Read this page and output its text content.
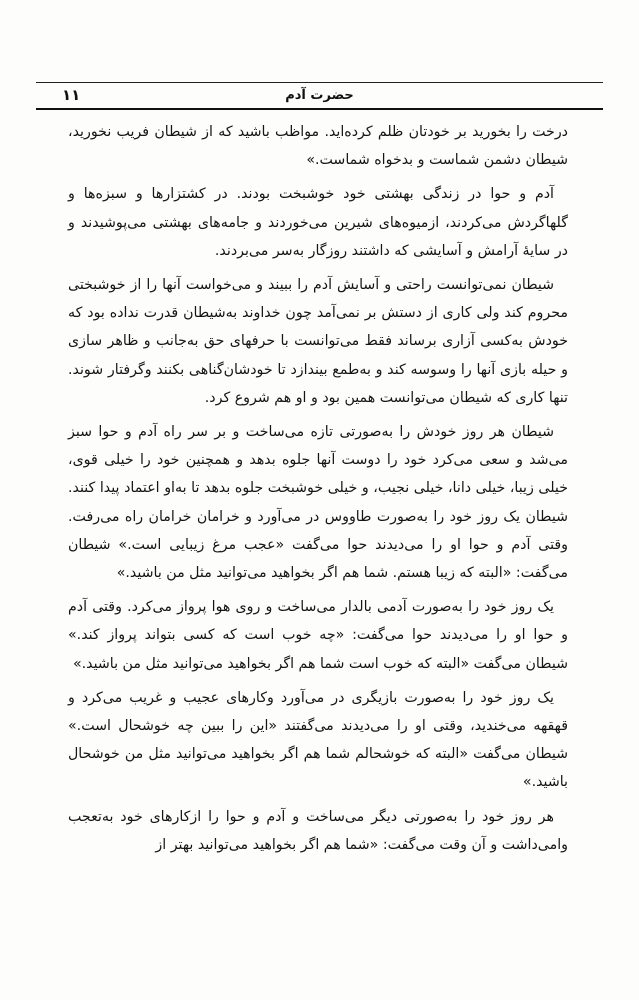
۱۱	حضرت آدم

درخت را بخورید بر خودتان ظلم کرده‌اید. مواظب باشید که از شیطان فریب نخورید، شیطان دشمن شماست و بدخواه شماست.»

آدم و حوا در زندگی بهشتی خود خوشبخت بودند. در کشتزارها و سبزه‌ها و گلهاگردش می‌کردند، ازمیوه‌های شیرین می‌خوردند و جامه‌های بهشتی می‌پوشیدند و در سایهٔ آرامش و آسایشی که داشتند روزگار به‌سر می‌بردند.

شیطان نمی‌توانست راحتی و آسایش آدم را ببیند و می‌خواست آنها را از خوشبختی محروم کند ولی کاری از دستش بر نمی‌آمد چون خداوند به‌شیطان قدرت نداده بود که خودش به‌کسی آزاری برساند فقط می‌توانست با حرفهای حق به‌جانب و ظاهر سازی و حیله بازی آنها را وسوسه کند و به‌طمع بیندازد تا خودشان‌گناهی بکنند وگرفتار شوند. تنها کاری که شیطان می‌توانست همین بود و او هم شروع کرد.

شیطان هر روز خودش را به‌صورتی تازه می‌ساخت و بر سر راه آدم و حوا سبز می‌شد و سعی می‌کرد خود را دوست آنها جلوه بدهد و همچنین خود را خیلی قوی، خیلی زیبا، خیلی دانا، خیلی نجیب، و خیلی خوشبخت جلوه بدهد تا به‌او اعتماد پیدا کنند. شیطان یک روز خود را به‌صورت طاووس در می‌آورد و خرامان خرامان راه می‌رفت. وقتی آدم و حوا او را می‌دیدند حوا می‌گفت «عجب مرغ زیبایی است.» شیطان می‌گفت: «البته که زیبا هستم. شما هم اگر بخواهید می‌توانید مثل من باشید.»

یک روز خود را به‌صورت آدمی بالدار می‌ساخت و روی هوا پرواز می‌کرد. وقتی آدم و حوا او را می‌دیدند حوا می‌گفت: «چه خوب است که کسی بتواند پرواز کند.» شیطان می‌گفت «البته که خوب است شما هم اگر بخواهید می‌توانید مثل من باشید.»

یک روز خود را به‌صورت بازیگری در می‌آورد وکارهای عجیب و غریب می‌کرد و قهقهه می‌خندید، وقتی او را می‌دیدند می‌گفتند «این را ببین چه خوشحال است.» شیطان می‌گفت «البته که خوشحالم شما هم اگر بخواهید می‌توانید مثل من خوشحال باشید.»

هر روز خود را به‌صورتی دیگر می‌ساخت و آدم و حوا را ازکارهای خود به‌تعجب وامی‌داشت و آن وقت می‌گفت: «شما هم اگر بخواهید می‌توانید بهتر از
